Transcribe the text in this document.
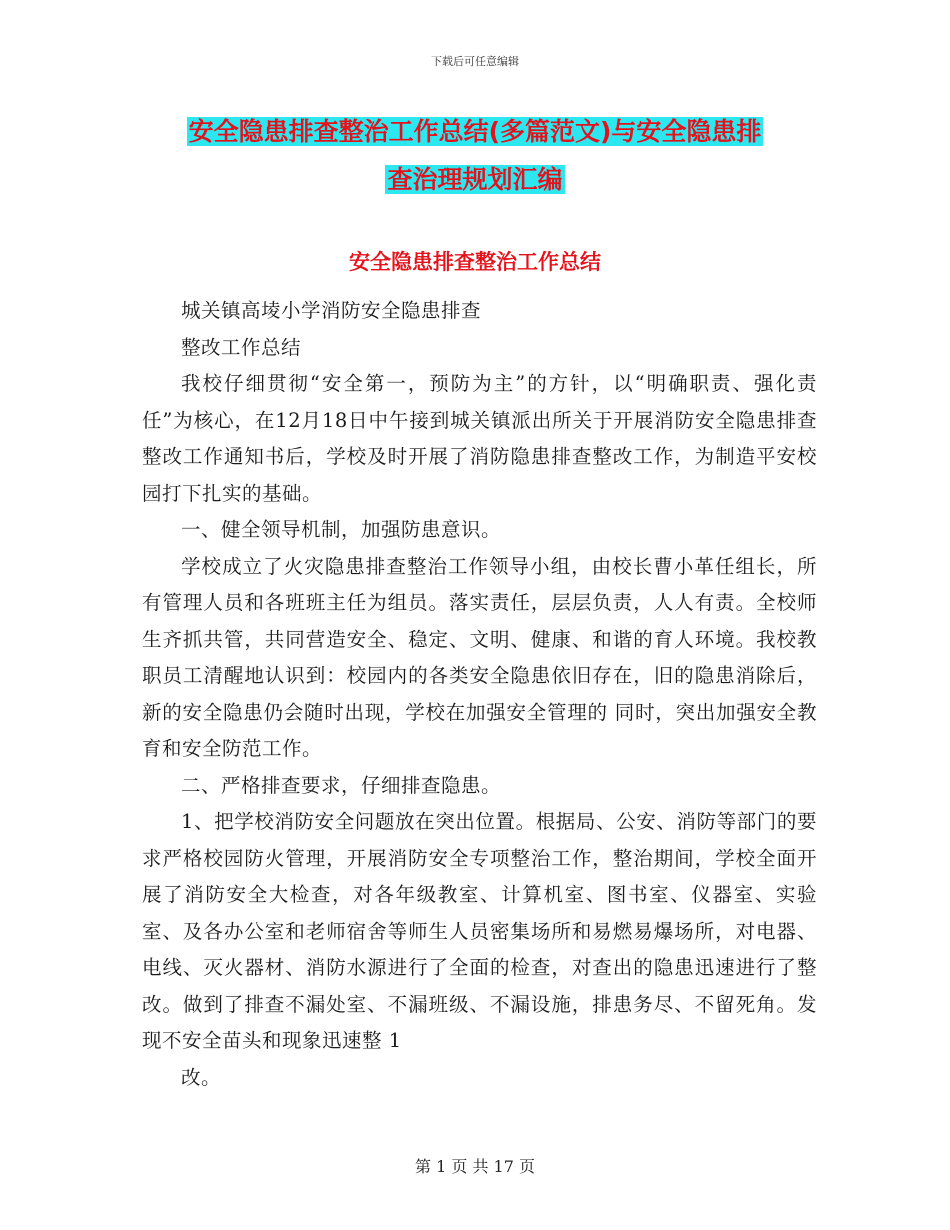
下载后可任意编辑
安全隐患排查整治工作总结(多篇范文)与安全隐患排
查治理规划汇编
安全隐患排查整治工作总结

城关镇高堎小学消防安全隐患排查

整改工作总结

我校仔细贯彻“安全第一，预防为主”的方针，以“明确职责、强化责任”为核心，在12月18日中午接到城关镇派出所关于开展消防安全隐患排查整改工作通知书后，学校及时开展了消防隐患排查整改工作，为制造平安校园打下扎实的基础。

一、健全领导机制，加强防患意识。

学校成立了火灾隐患排查整治工作领导小组，由校长曹小革任组长，所有管理人员和各班班主任为组员。落实责任，层层负责，人人有责。全校师生齐抓共管，共同营造安全、稳定、文明、健康、和谐的育人环境。我校教职员工清醒地认识到：校园内的各类安全隐患依旧存在，旧的隐患消除后，新的安全隐患仍会随时出现，学校在加强安全管理的 同时，突出加强安全教育和安全防范工作。

二、严格排查要求，仔细排查隐患。

1、把学校消防安全问题放在突出位置。根据局、公安、消防等部门的要求严格校园防火管理，开展消防安全专项整治工作，整治期间，学校全面开展了消防安全大检查，对各年级教室、计算机室、图书室、仪器室、实验室、及各办公室和老师宿舍等师生人员密集场所和易燃易爆场所，对电器、电线、灭火器材、消防水源进行了全面的检查，对查出的隐患迅速进行了整改。做到了排查不漏处室、不漏班级、不漏设施，排患务尽、不留死角。发现不安全苗头和现象迅速整 1

改。

第 1 页 共 17 页
